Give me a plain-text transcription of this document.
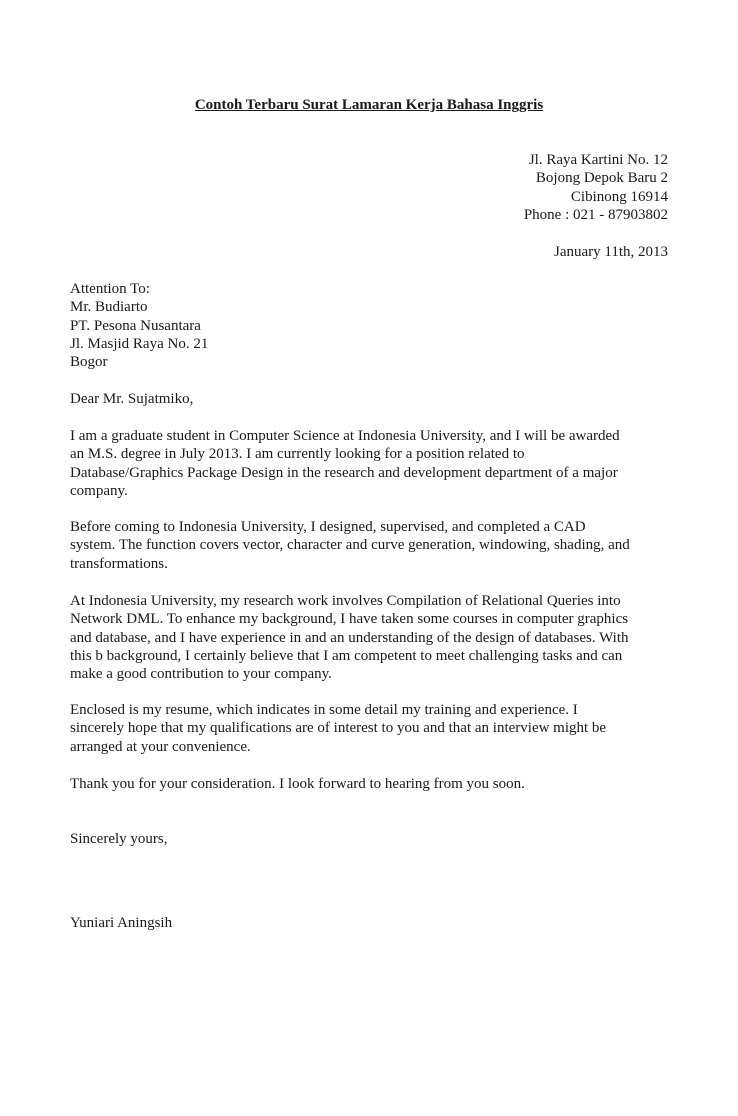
Contoh Terbaru Surat Lamaran Kerja Bahasa Inggris
Jl. Raya Kartini No. 12
Bojong Depok Baru 2
Cibinong 16914
Phone : 021 - 87903802
January 11th, 2013
Attention To:
Mr. Budiarto
PT. Pesona Nusantara
Jl. Masjid Raya No. 21
Bogor
Dear Mr. Sujatmiko,
I am a graduate student in Computer Science at Indonesia University, and I will be awarded
an M.S. degree in July 2013. I am currently looking for a position related to
Database/Graphics Package Design in the research and development department of a major
company.
Before coming to Indonesia University, I designed, supervised, and completed a CAD
system. The function covers vector, character and curve generation, windowing, shading, and
transformations.
At Indonesia University, my research work involves Compilation of Relational Queries into
Network DML. To enhance my background, I have taken some courses in computer graphics
and database, and I have experience in and an understanding of the design of databases. With
this b background, I certainly believe that I am competent to meet challenging tasks and can
make a good contribution to your company.
Enclosed is my resume, which indicates in some detail my training and experience. I
sincerely hope that my qualifications are of interest to you and that an interview might be
arranged at your convenience.
Thank you for your consideration. I look forward to hearing from you soon.
Sincerely yours,
Yuniari Aningsih
